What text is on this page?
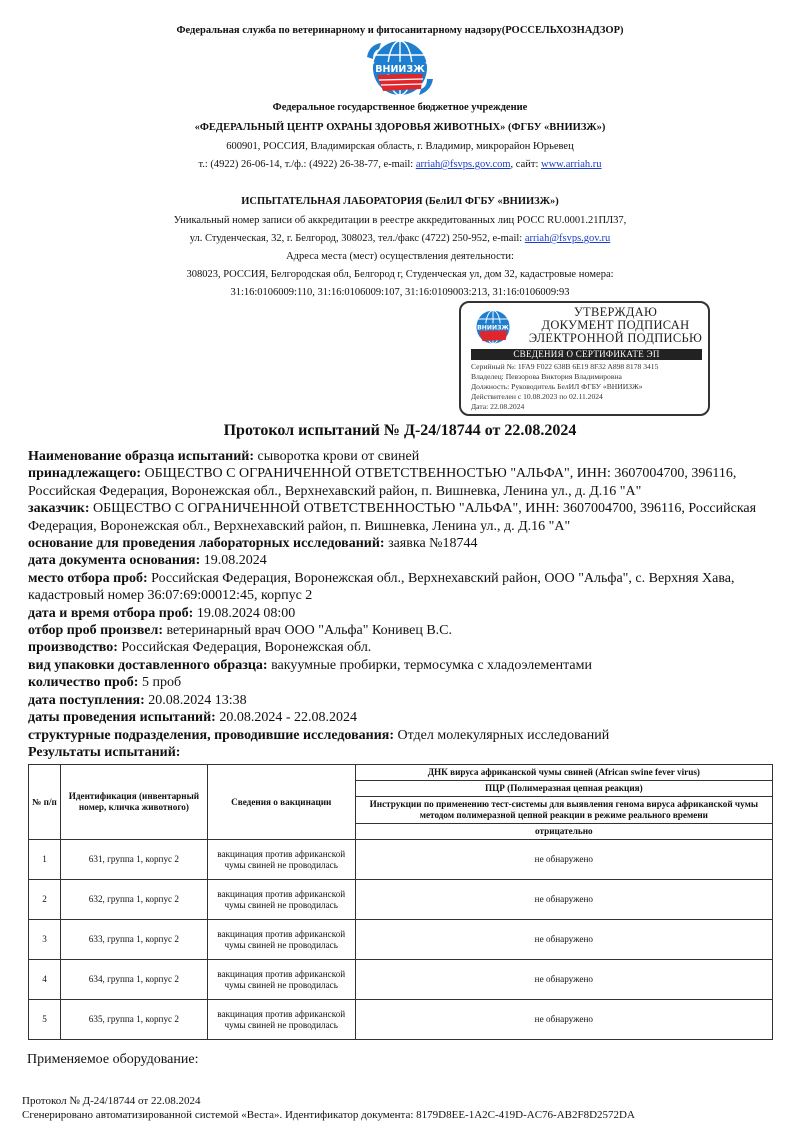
Федеральная служба по ветеринарному и фитосанитарному надзору(РОССЕЛЬХОЗНАДЗОР)
ВНИИЗЖ
Федеральное государственное бюджетное учреждение
«ФЕДЕРАЛЬНЫЙ ЦЕНТР ОХРАНЫ ЗДОРОВЬЯ ЖИВОТНЫХ» (ФГБУ «ВНИИЗЖ»)
600901, РОССИЯ, Владимирская область, г. Владимир, микрорайон Юрьевец
т.: (4922) 26-06-14, т./ф.: (4922) 26-38-77, e-mail: arriah@fsvps.gov.com, сайт: www.arriah.ru
ИСПЫТАТЕЛЬНАЯ ЛАБОРАТОРИЯ (БелИЛ ФГБУ «ВНИИЗЖ»)
Уникальный номер записи об аккредитации в реестре аккредитованных лиц РОСС RU.0001.21ПЛ37,
ул. Студенческая, 32, г. Белгород, 308023, тел./факс (4722) 250-952, e-mail: arriah@fsvps.gov.ru
Адреса места (мест) осуществления деятельности:
308023, РОССИЯ, Белгородская обл, Белгород г, Студенческая ул, дом 32, кадастровые номера:
31:16:0106009:110, 31:16:0106009:107, 31:16:0109003:213, 31:16:0106009:93
ВНИИЗЖ
УТВЕРЖДАЮ
ДОКУМЕНТ ПОДПИСАН
ЭЛЕКТРОННОЙ ПОДПИСЬЮ
СВЕДЕНИЯ О СЕРТИФИКАТЕ ЭП
Серийный №: 1FA9 F022 638B 6E19 8F32 A898 8178 3415
Владелец: Певзорова Виктория Владимировна
Должность: Руководитель БелИЛ ФГБУ «ВНИИЗЖ»
Действителен с 10.08.2023 по 02.11.2024
Дата: 22.08.2024
Протокол испытаний № Д-24/18744 от 22.08.2024
Наименование образца испытаний: сыворотка крови от свиней
принадлежащего: ОБЩЕСТВО С ОГРАНИЧЕННОЙ ОТВЕТСТВЕННОСТЬЮ "АЛЬФА", ИНН: 3607004700, 396116, Российская Федерация, Воронежская обл., Верхнехавский район, п. Вишневка, Ленина ул., д. Д.16 "А"
заказчик: ОБЩЕСТВО С ОГРАНИЧЕННОЙ ОТВЕТСТВЕННОСТЬЮ "АЛЬФА", ИНН: 3607004700, 396116, Российская Федерация, Воронежская обл., Верхнехавский район, п. Вишневка, Ленина ул., д. Д.16 "А"
основание для проведения лабораторных исследований: заявка №18744
дата документа основания: 19.08.2024
место отбора проб: Российская Федерация, Воронежская обл., Верхнехавский район, ООО "Альфа", с. Верхняя Хава, кадастровый номер 36:07:69:00012:45, корпус 2
дата и время отбора проб: 19.08.2024 08:00
отбор проб произвел: ветеринарный врач ООО "Альфа" Конивец В.С.
производство: Российская Федерация, Воронежская обл.
вид упаковки доставленного образца: вакуумные пробирки, термосумка с хладоэлементами
количество проб: 5 проб
дата поступления: 20.08.2024 13:38
даты проведения испытаний: 20.08.2024 - 22.08.2024
структурные подразделения, проводившие исследования: Отдел молекулярных исследований
Результаты испытаний:
№ п/п	Идентификация (инвентарный номер, кличка животного)	Сведения о вакцинации	ДНК вируса африканской чумы свиней (African swine fever virus)
			ПЦР (Полимеразная цепная реакция)
			Инструкции по применению тест-системы для выявления генома вируса африканской чумы методом полимеразной цепной реакции в режиме реального времени
			отрицательно
1	631, группа 1, корпус 2	вакцинация против африканской чумы свиней не проводилась	не обнаружено
2	632, группа 1, корпус 2	вакцинация против африканской чумы свиней не проводилась	не обнаружено
3	633, группа 1, корпус 2	вакцинация против африканской чумы свиней не проводилась	не обнаружено
4	634, группа 1, корпус 2	вакцинация против африканской чумы свиней не проводилась	не обнаружено
5	635, группа 1, корпус 2	вакцинация против африканской чумы свиней не проводилась	не обнаружено
Применяемое оборудование:
Протокол № Д-24/18744 от 22.08.2024
Сгенерировано автоматизированной системой «Веста». Идентификатор документа: 8179D8EE-1A2C-419D-AC76-AB2F8D2572DA
